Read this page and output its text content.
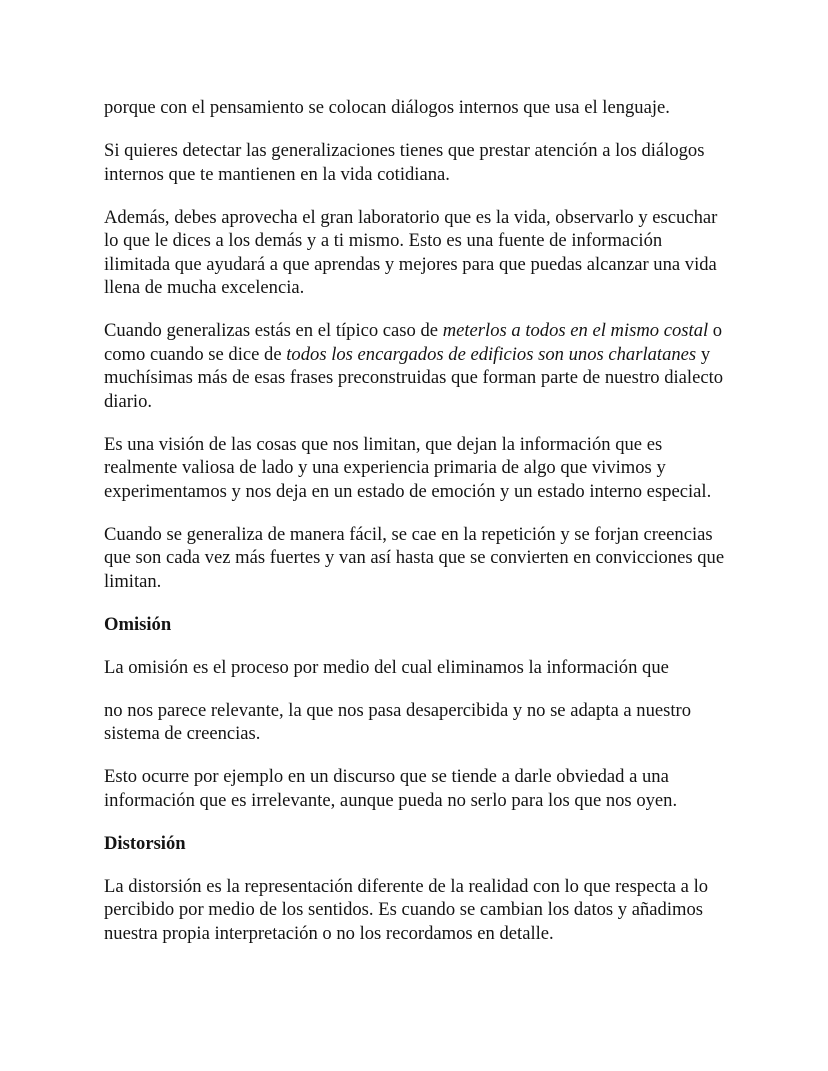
porque con el pensamiento se colocan diálogos internos que usa el lenguaje.

Si quieres detectar las generalizaciones tienes que prestar atención a los diálogos internos que te mantienen en la vida cotidiana.

Además, debes aprovecha el gran laboratorio que es la vida, observarlo y escuchar lo que le dices a los demás y a ti mismo. Esto es una fuente de información ilimitada que ayudará a que aprendas y mejores para que puedas alcanzar una vida llena de mucha excelencia.

Cuando generalizas estás en el típico caso de meterlos a todos en el mismo costal o como cuando se dice de todos los encargados de edificios son unos charlatanes y muchísimas más de esas frases preconstruidas que forman parte de nuestro dialecto diario.

Es una visión de las cosas que nos limitan, que dejan la información que es realmente valiosa de lado y una experiencia primaria de algo que vivimos y experimentamos y nos deja en un estado de emoción y un estado interno especial.

Cuando se generaliza de manera fácil, se cae en la repetición y se forjan creencias que son cada vez más fuertes y van así hasta que se convierten en convicciones que limitan.

Omisión

La omisión es el proceso por medio del cual eliminamos la información que

no nos parece relevante, la que nos pasa desapercibida y no se adapta a nuestro sistema de creencias.

Esto ocurre por ejemplo en un discurso que se tiende a darle obviedad a una información que es irrelevante, aunque pueda no serlo para los que nos oyen.

Distorsión

La distorsión es la representación diferente de la realidad con lo que respecta a lo percibido por medio de los sentidos. Es cuando se cambian los datos y añadimos nuestra propia interpretación o no los recordamos en detalle.
